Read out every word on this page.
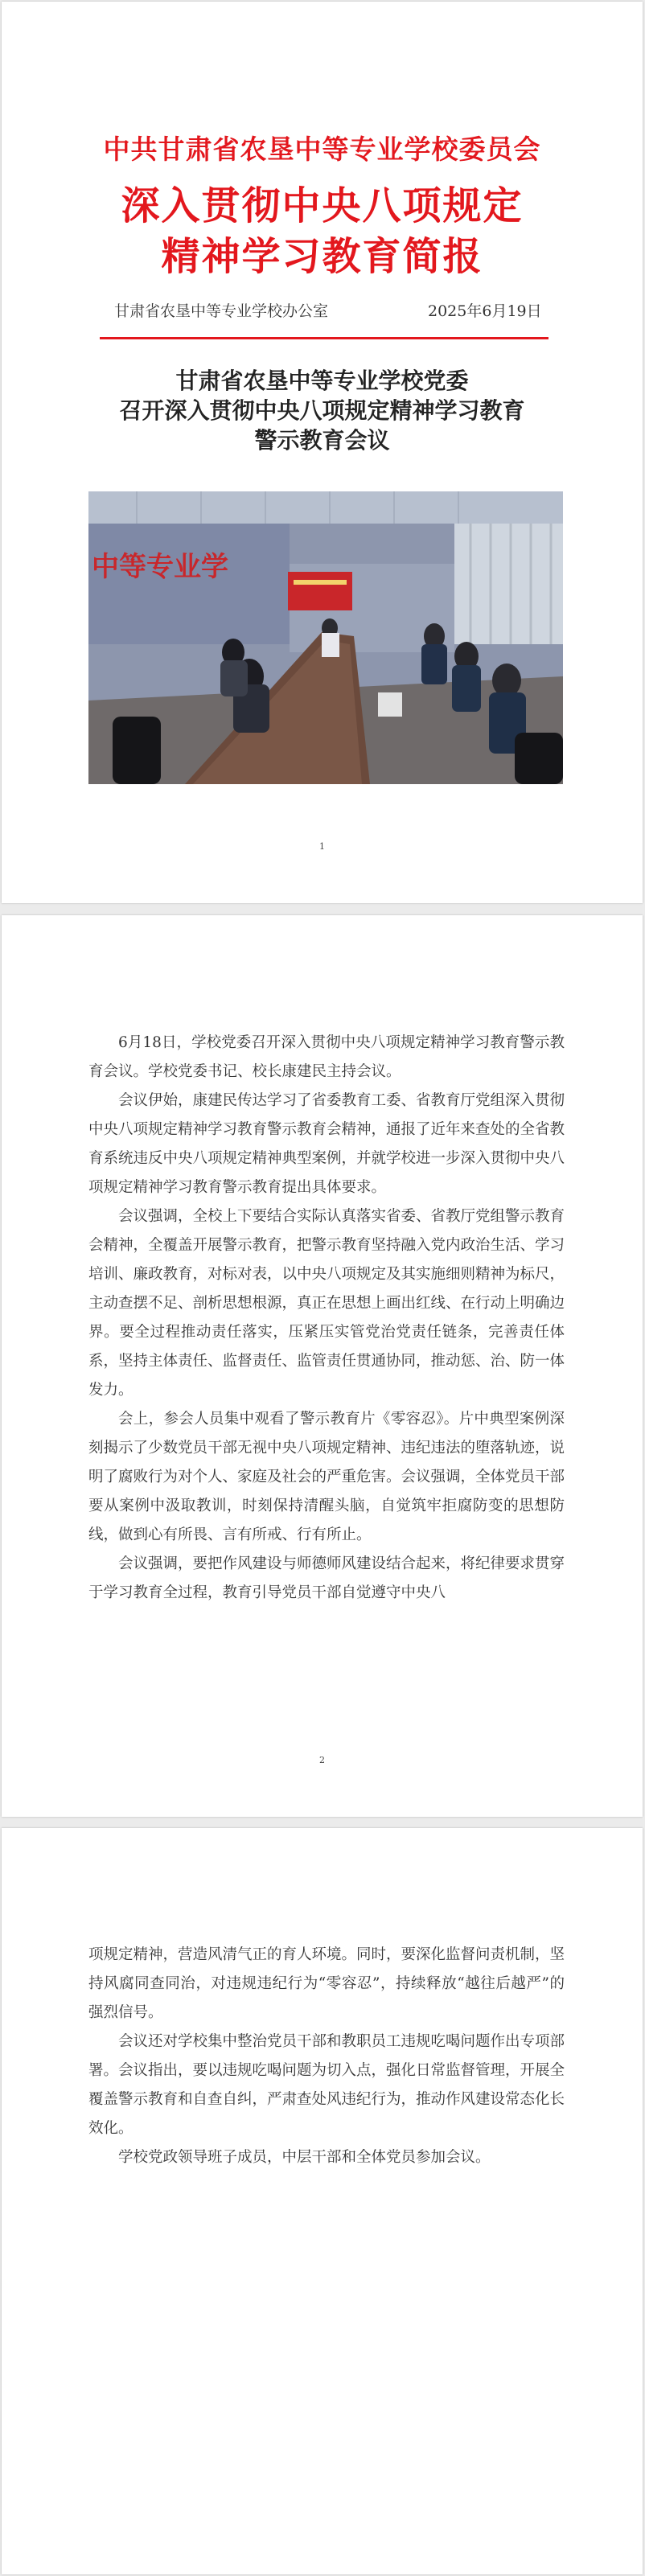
中共甘肃省农垦中等专业学校委员会
深入贯彻中央八项规定
精神学习教育简报
甘肃省农垦中等专业学校办公室	2025年6月19日
甘肃省农垦中等专业学校党委
召开深入贯彻中央八项规定精神学习教育
警示教育会议
中等专业学
1

6月18日，学校党委召开深入贯彻中央八项规定精神学习教育警示教育会议。学校党委书记、校长康建民主持会议。

会议伊始，康建民传达学习了省委教育工委、省教育厅党组深入贯彻中央八项规定精神学习教育警示教育会精神，通报了近年来查处的全省教育系统违反中央八项规定精神典型案例，并就学校进一步深入贯彻中央八项规定精神学习教育警示教育提出具体要求。

会议强调，全校上下要结合实际认真落实省委、省教厅党组警示教育会精神，全覆盖开展警示教育，把警示教育坚持融入党内政治生活、学习培训、廉政教育，对标对表，以中央八项规定及其实施细则精神为标尺，主动查摆不足、剖析思想根源，真正在思想上画出红线、在行动上明确边界。要全过程推动责任落实，压紧压实管党治党责任链条，完善责任体系，坚持主体责任、监督责任、监管责任贯通协同，推动惩、治、防一体发力。

会上，参会人员集中观看了警示教育片《零容忍》。片中典型案例深刻揭示了少数党员干部无视中央八项规定精神、违纪违法的堕落轨迹，说明了腐败行为对个人、家庭及社会的严重危害。会议强调，全体党员干部要从案例中汲取教训，时刻保持清醒头脑，自觉筑牢拒腐防变的思想防线，做到心有所畏、言有所戒、行有所止。

会议强调，要把作风建设与师德师风建设结合起来，将纪律要求贯穿于学习教育全过程，教育引导党员干部自觉遵守中央八

2

项规定精神，营造风清气正的育人环境。同时，要深化监督问责机制，坚持风腐同查同治，对违规违纪行为“零容忍”，持续释放“越往后越严”的强烈信号。

会议还对学校集中整治党员干部和教职员工违规吃喝问题作出专项部署。会议指出，要以违规吃喝问题为切入点，强化日常监督管理，开展全覆盖警示教育和自查自纠，严肃查处风违纪行为，推动作风建设常态化长效化。

学校党政领导班子成员，中层干部和全体党员参加会议。
